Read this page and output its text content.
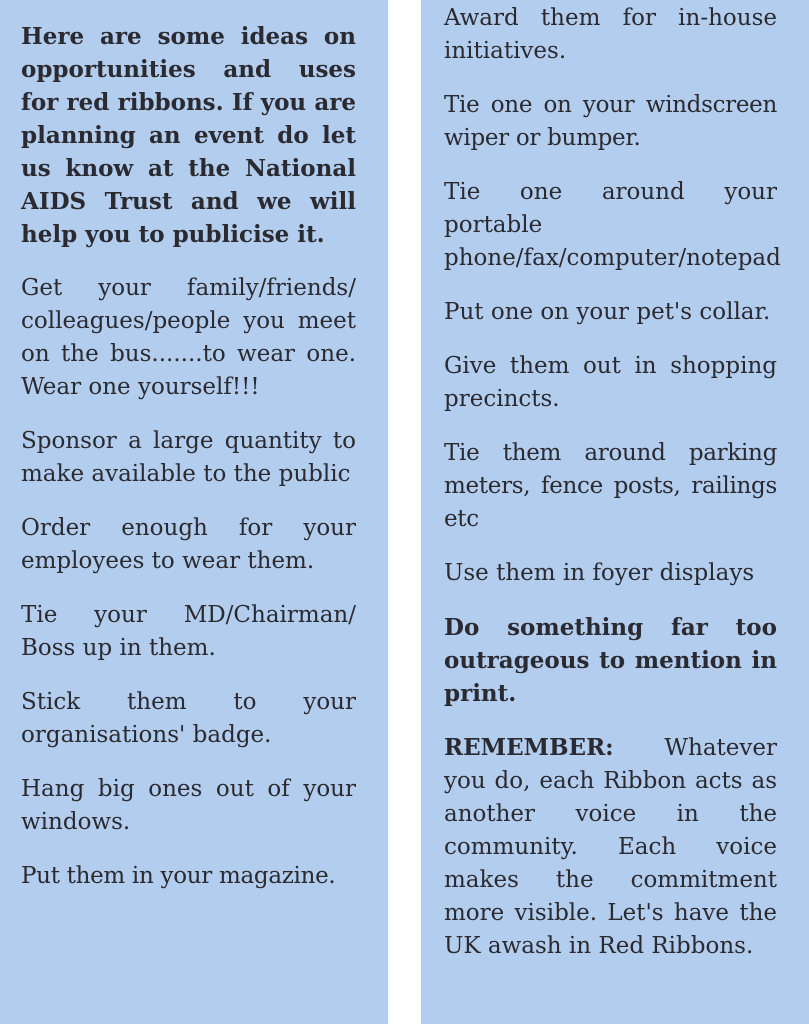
Here are some ideas on opportunities and uses for red ribbons. If you are planning an event do let us know at the National AIDS Trust and we will help you to publicise it.

Get your family/friends/ colleagues/people you meet on the bus.......to wear one. Wear one yourself!!!

Sponsor a large quantity to make available to the public

Order enough for your employees to wear them.

Tie your MD/Chairman/ Boss up in them.

Stick them to your organisations' badge.

Hang big ones out of your windows.

Put them in your magazine.

Award them for in-house initiatives.

Tie one on your windscreen wiper or bumper.

Tie one around your portable phone/fax/computer/notepad

Put one on your pet's collar.

Give them out in shopping precincts.

Tie them around parking meters, fence posts, railings etc

Use them in foyer displays

Do something far too outrageous to mention in print.

REMEMBER: Whatever you do, each Ribbon acts as another voice in the community. Each voice makes the commitment more visible. Let's have the UK awash in Red Ribbons.
